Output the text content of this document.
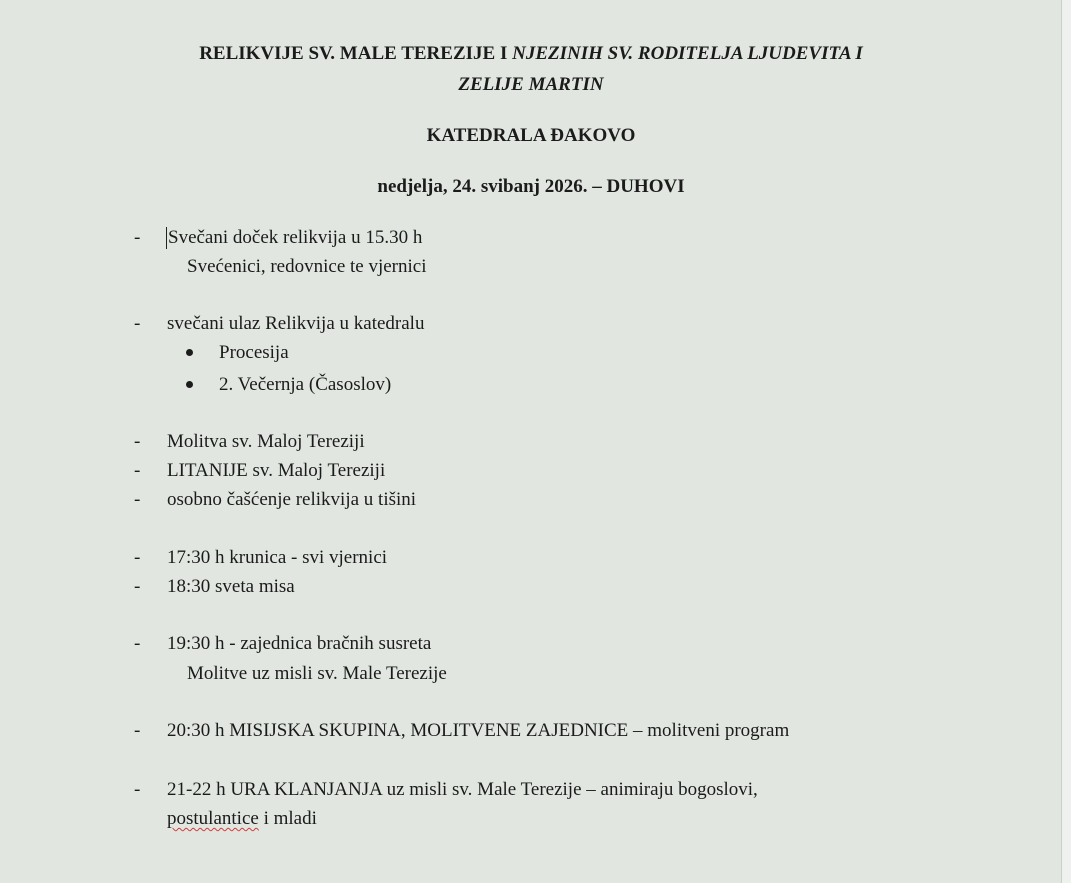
RELIKVIJE SV. MALE TEREZIJE I NJEZINIH SV. RODITELJA LJUDEVITA I
ZELIJE MARTIN
KATEDRALA ĐAKOVO
nedjelja, 24. svibanj 2026. – DUHOVI
- Svečani doček relikvija u 15.30 h
Svećenici, redovnice te vjernici
- svečani ulaz Relikvija u katedralu
Procesija
2. Večernja (Časoslov)
- Molitva sv. Maloj Tereziji
- LITANIJE sv. Maloj Tereziji
- osobno čašćenje relikvija u tišini
- 17:30 h krunica - svi vjernici
- 18:30 sveta misa
- 19:30 h - zajednica bračnih susreta
Molitve uz misli sv. Male Terezije
- 20:30 h MISIJSKA SKUPINA, MOLITVENE ZAJEDNICE – molitveni program
- 21-22 h URA KLANJANJA uz misli sv. Male Terezije – animiraju bogoslovi,
postulantice i mladi
